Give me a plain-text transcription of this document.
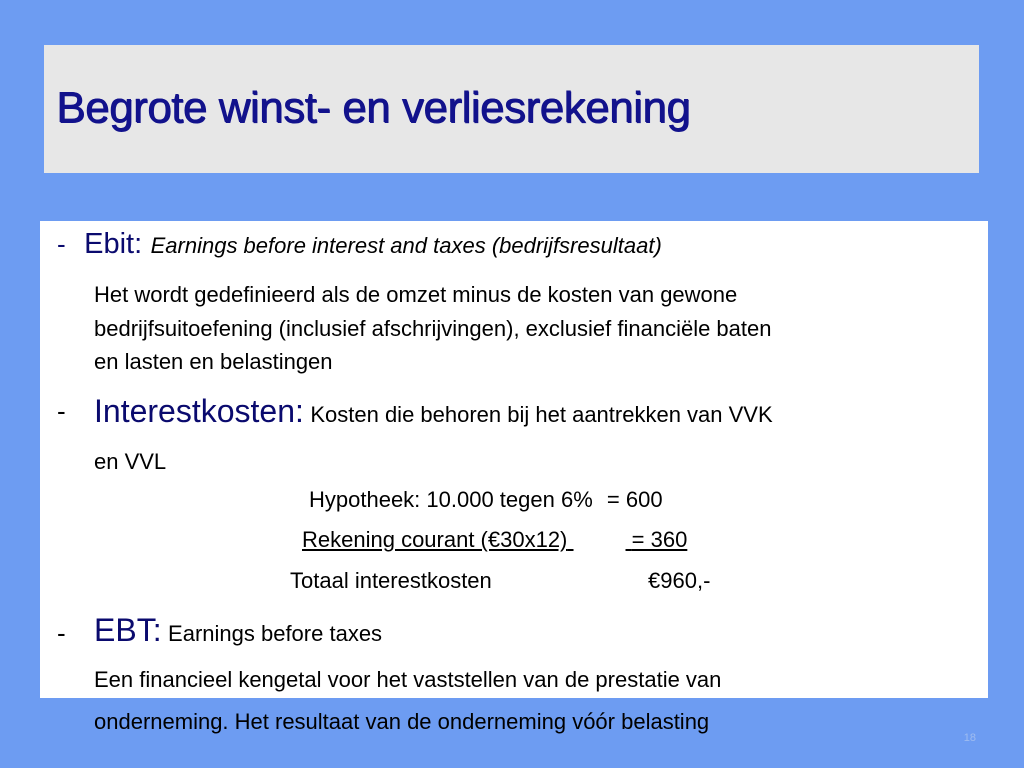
Begrote winst- en verliesrekening
- Ebit: Earnings before interest and taxes (bedrijfsresultaat)
Het wordt gedefinieerd als de omzet minus de kosten van gewone
bedrijfsuitoefening (inclusief afschrijvingen), exclusief financiële baten
en lasten en belastingen
- Interestkosten: Kosten die behoren bij het aantrekken van VVK
en VVL
Hypotheek: 10.000 tegen 6% = 600
Rekening courant (€30x12)	= 360
Totaal interestkosten	€960,-
- EBT: Earnings before taxes
Een financieel kengetal voor het vaststellen van de prestatie van
onderneming. Het resultaat van de onderneming vóór belasting
18
